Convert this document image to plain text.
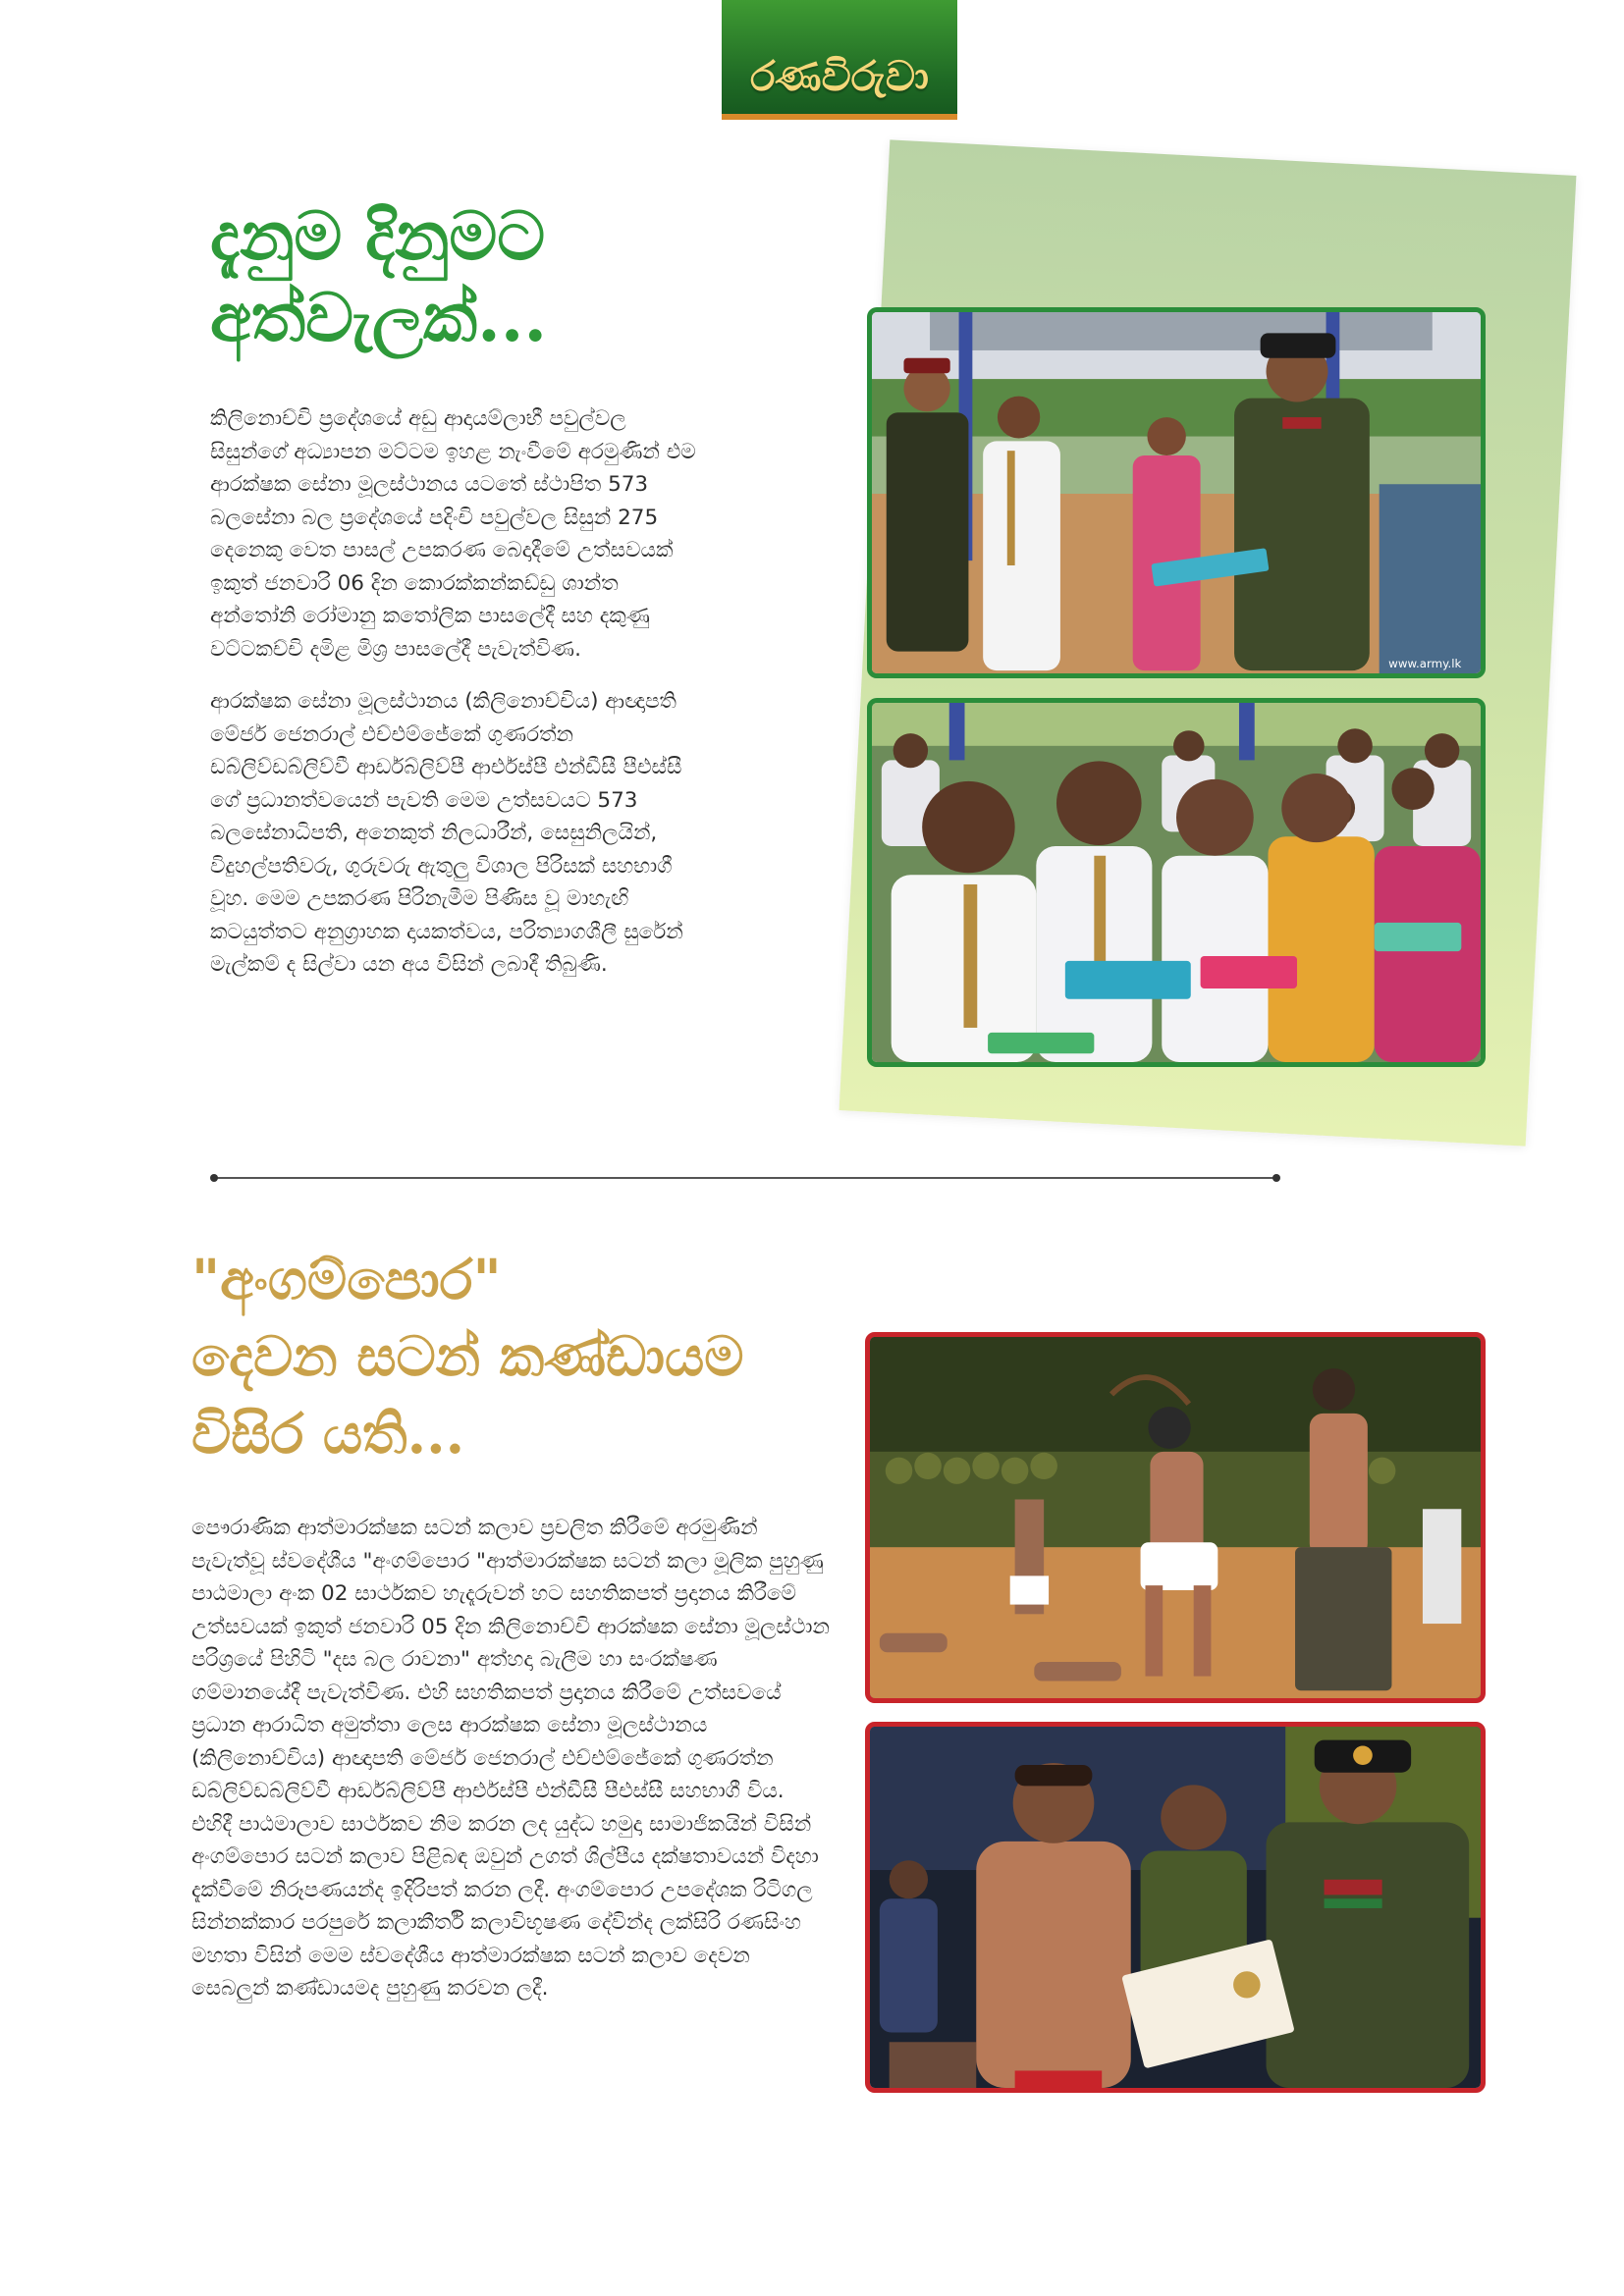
රණවිරුවා
දැනුම දිනුමට අත්වැලක්...

කිලිනොච්චි ප්‍රදේශයේ අඩු ආදායම්ලාභී පවුල්වල සිසුන්ගේ අධ්‍යාපන මට්ටම ඉහළ නැංවීමේ අරමුණින් එම ආරක්ෂක සේනා මූලස්ථානය යටතේ ස්ථාපිත 573 බලසේනා බල ප්‍රදේශයේ පදිංචි පවුල්වල සිසුන් 275 දෙනෙකු වෙත පාසල් උපකරණ බෙදාදීමේ උත්සවයක් ඉකුත් ජනවාරි 06 දින කොරක්කන්කඩ්ඩු ශාන්ත අන්තෝනි රෝමානු කතෝලික පාසලේදී සහ දකුණු වට්ටකච්චි දමිළ මිශ්‍ර පාසලේදී පැවැත්විණ.

ආරක්ෂක සේනා මූලස්ථානය (කිලිනොච්චිය) ආඥාපති මේජර් ජෙනරාල් එච්එම්ජේකේ ගුණරත්න ඩබ්ලිව්ඩබ්ලිව්වී ආර්ඩබ්ලිව්පී ආර්එස්පී එන්ඩීසී පීඑස්සී ගේ ප්‍රධානත්වයෙන් පැවති මෙම උත්සවයට 573 බලසේනාධිපති, අනෙකුත් නිලධාරීන්, සෙසුනිලයින්, විදුහල්පතිවරු, ගුරුවරු ඇතුලු විශාල පිරිසක් සහභාගී වූහ. මෙම උපකරණ පිරිනැමීම පිණිස වූ මාහැඟි කටයුත්තට අනුග්‍රාහක දායකත්වය, පරිත්‍යාගශීලී සුරේන් මැල්කම් ද සිල්වා යන අය විසින් ලබාදී තිබුණි.

www.army.lk
"අංගම්පොර"
දෙවන සටන් කණ්ඩායම
විසිර යති...

පෞරාණික ආත්මාරක්ෂක සටන් කලාව ප්‍රචලිත කිරීමේ අරමුණින් පැවැත්වූ ස්වදේශීය "අංගම්පොර "ආත්මාරක්ෂක සටන් කලා මූලික පුහුණු පාඨමාලා අංක 02 සාර්ථකව හැදෑරුවන් හට සහතිකපත් ප්‍රදානය කිරීමේ උත්සවයක් ඉකුත් ජනවාරි 05 දින කිලිනොච්චි ආරක්ෂක සේනා මූලස්ථාන පරිශ්‍රයේ පිහිටි "දස බල රාවනා" අත්හදා බැලීම හා සංරක්ෂණ ගම්මානයේදී පැවැත්විණ. එහි සහතිකපත් ප්‍රදානය කිරීමේ උත්සවයේ ප්‍රධාන ආරාධිත අමුත්තා ලෙස ආරක්ෂක සේනා මූලස්ථානය (කිලිනොච්චිය) ආඥාපති මේජර් ජෙනරාල් එච්එම්ජේකේ ගුණරත්න ඩබ්ලිව්ඩබ්ලිව්වී ආර්ඩබ්ලිව්පී ආර්එස්පී එන්ඩීසී පීඑස්සී සහභාගී විය. එහිදී පාඨමාලාව සාර්ථකව නිම කරන ලද යුද්ධ හමුදා සාමාජිකයින් විසින් අංගම්පොර සටන් කලාව පිළිබඳ ඔවුන් උගත් ශිල්පීය දක්ෂතාවයන් විදහා දැක්වීමේ නිරූපණයන්ද ඉදිරිපත් කරන ලදී. අංගම්පොර උපදේශක රිටිගල සින්නක්කාර පරපුරේ කලාකීර්ති කලාවිභූෂණ දේවින්ද ලක්සිරි රණසිංහ මහතා විසින් මෙම ස්වදේශීය ආත්මාරක්ෂක සටන් කලාව දෙවන සෙබලුන් කණ්ඩායමද පුහුණු කරවන ලදී.
